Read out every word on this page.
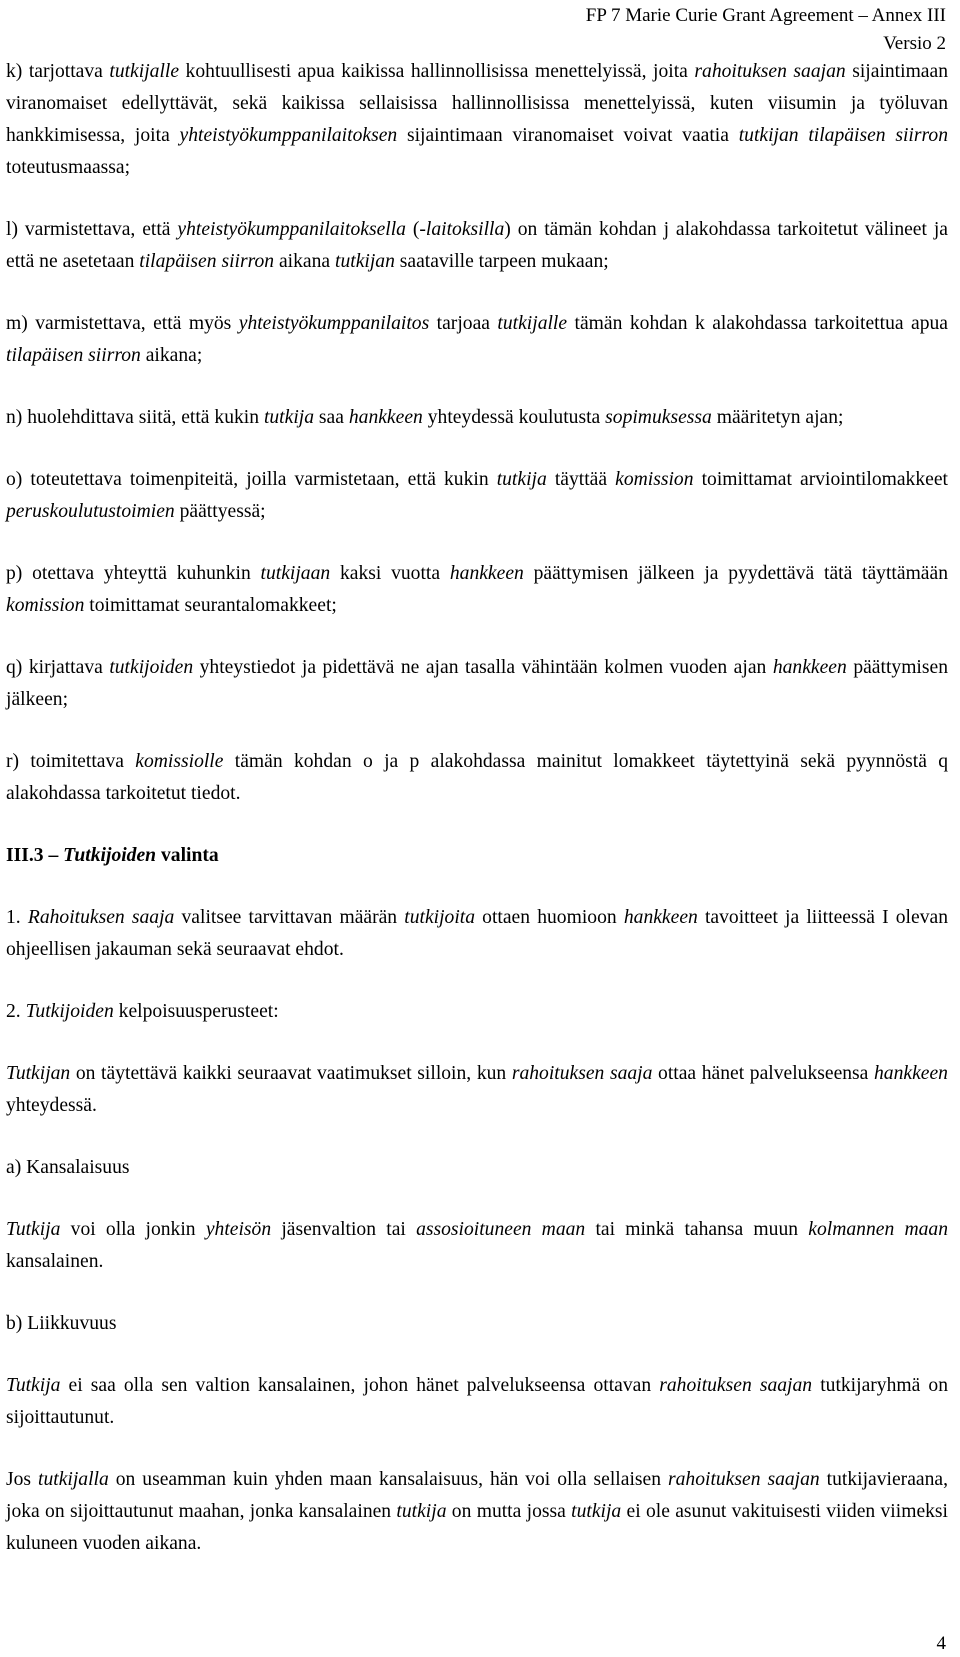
FP 7 Marie Curie Grant Agreement – Annex III
Versio 2

k) tarjottava tutkijalle kohtuullisesti apua kaikissa hallinnollisissa menettelyissä, joita rahoituksen saajan sijaintimaan viranomaiset edellyttävät, sekä kaikissa sellaisissa hallinnollisissa menettelyissä, kuten viisumin ja työluvan hankkimisessa, joita yhteistyökumppanilaitoksen sijaintimaan viranomaiset voivat vaatia tutkijan tilapäisen siirron toteutusmaassa;

l) varmistettava, että yhteistyökumppanilaitoksella (-laitoksilla) on tämän kohdan j alakohdassa tarkoitetut välineet ja että ne asetetaan tilapäisen siirron aikana tutkijan saataville tarpeen mukaan;

m) varmistettava, että myös yhteistyökumppanilaitos tarjoaa tutkijalle tämän kohdan k alakohdassa tarkoitettua apua tilapäisen siirron aikana;

n) huolehdittava siitä, että kukin tutkija saa hankkeen yhteydessä koulutusta sopimuksessa määritetyn ajan;

o) toteutettava toimenpiteitä, joilla varmistetaan, että kukin tutkija täyttää komission toimittamat arviointilomakkeet peruskoulutustoimien päättyessä;

p) otettava yhteyttä kuhunkin tutkijaan kaksi vuotta hankkeen päättymisen jälkeen ja pyydettävä tätä täyttämään komission toimittamat seurantalomakkeet;

q) kirjattava tutkijoiden yhteystiedot ja pidettävä ne ajan tasalla vähintään kolmen vuoden ajan hankkeen päättymisen jälkeen;

r) toimitettava komissiolle tämän kohdan o ja p alakohdassa mainitut lomakkeet täytettyinä sekä pyynnöstä q alakohdassa tarkoitetut tiedot.

III.3 – Tutkijoiden valinta

1. Rahoituksen saaja valitsee tarvittavan määrän tutkijoita ottaen huomioon hankkeen tavoitteet ja liitteessä I olevan ohjeellisen jakauman sekä seuraavat ehdot.

2. Tutkijoiden kelpoisuusperusteet:

Tutkijan on täytettävä kaikki seuraavat vaatimukset silloin, kun rahoituksen saaja ottaa hänet palvelukseensa hankkeen yhteydessä.

a) Kansalaisuus

Tutkija voi olla jonkin yhteisön jäsenvaltion tai assosioituneen maan tai minkä tahansa muun kolmannen maan kansalainen.

b) Liikkuvuus

Tutkija ei saa olla sen valtion kansalainen, johon hänet palvelukseensa ottavan rahoituksen saajan tutkijaryhmä on sijoittautunut.

Jos tutkijalla on useamman kuin yhden maan kansalaisuus, hän voi olla sellaisen rahoituksen saajan tutkijavieraana, joka on sijoittautunut maahan, jonka kansalainen tutkija on mutta jossa tutkija ei ole asunut vakituisesti viiden viimeksi kuluneen vuoden aikana.

4
